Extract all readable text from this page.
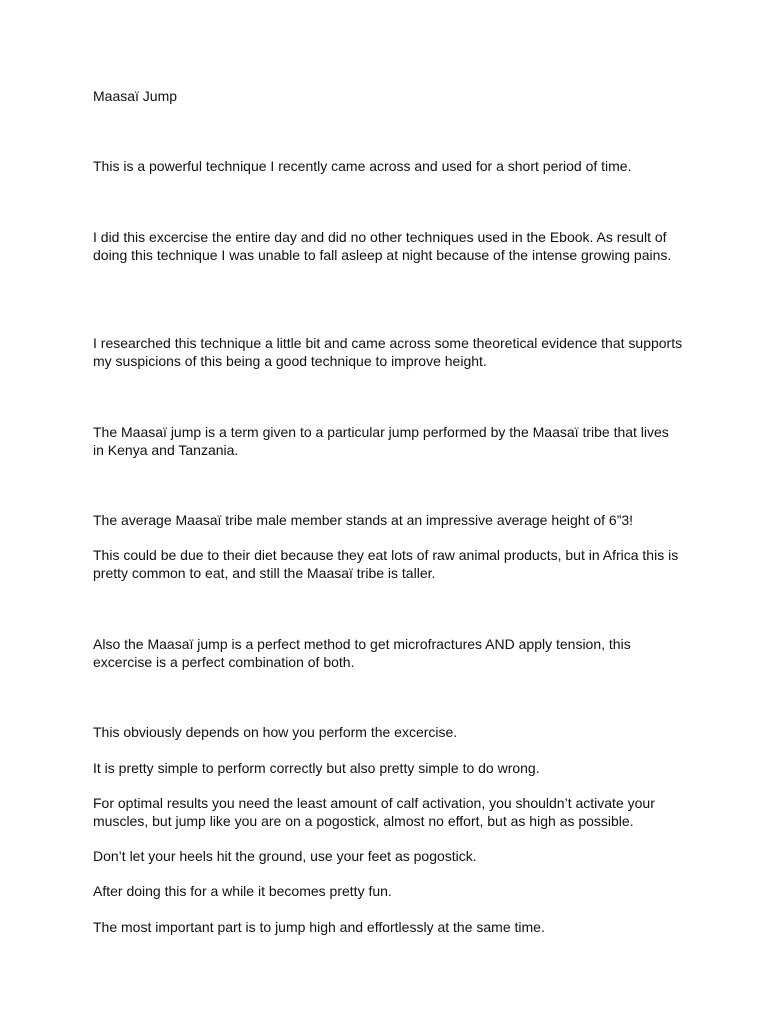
Maasaï Jump

This is a powerful technique I recently came across and used for a short period of time.

I did this excercise the entire day and did no other techniques used in the Ebook. As result of doing this technique I was unable to fall asleep at night because of the intense growing pains.

I researched this technique a little bit and came across some theoretical evidence that supports my suspicions of this being a good technique to improve height.

The Maasaï jump is a term given to a particular jump performed by the Maasaï tribe that lives in Kenya and Tanzania.

The average Maasaï tribe male member stands at an impressive average height of 6”3!

This could be due to their diet because they eat lots of raw animal products, but in Africa this is pretty common to eat, and still the Maasaï tribe is taller.

Also the Maasaï jump is a perfect method to get microfractures AND apply tension, this excercise is a perfect combination of both.

This obviously depends on how you perform the excercise.

It is pretty simple to perform correctly but also pretty simple to do wrong.

For optimal results you need the least amount of calf activation, you shouldn’t activate your muscles, but jump like you are on a pogostick, almost no effort, but as high as possible.

Don’t let your heels hit the ground, use your feet as pogostick.

After doing this for a while it becomes pretty fun.

The most important part is to jump high and effortlessly at the same time.
